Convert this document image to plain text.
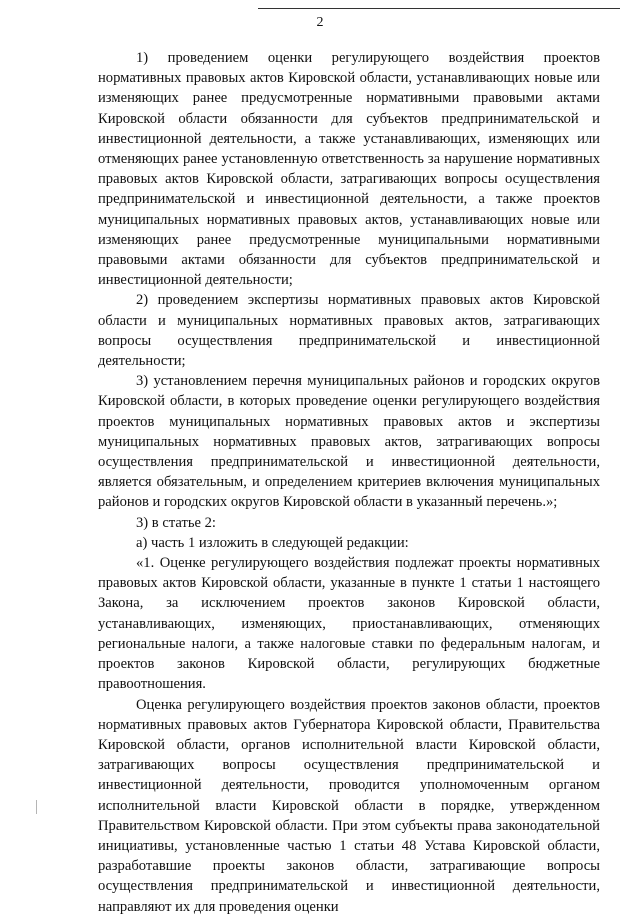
2

1) проведением оценки регулирующего воздействия проектов нормативных правовых актов Кировской области, устанавливающих новые или изменяющих ранее предусмотренные нормативными правовыми актами Кировской области обязанности для субъектов предпринимательской и инвестиционной деятельности, а также устанавливающих, изменяющих или отменяющих ранее установленную ответственность за нарушение нормативных правовых актов Кировской области, затрагивающих вопросы осуществления предпринимательской и инвестиционной деятельности, а также проектов муниципальных нормативных правовых актов, устанавливающих новые или изменяющих ранее предусмотренные муниципальными нормативными правовыми актами обязанности для субъектов предпринимательской и инвестиционной деятельности;

2) проведением экспертизы нормативных правовых актов Кировской области и муниципальных нормативных правовых актов, затрагивающих вопросы осуществления предпринимательской и инвестиционной деятельности;

3) установлением перечня муниципальных районов и городских округов Кировской области, в которых проведение оценки регулирующего воздействия проектов муниципальных нормативных правовых актов и экспертизы муниципальных нормативных правовых актов, затрагивающих вопросы осуществления предпринимательской и инвестиционной деятельности, является обязательным, и определением критериев включения муниципальных районов и городских округов Кировской области в указанный перечень.»;

3) в статье 2:

а) часть 1 изложить в следующей редакции:

«1. Оценке регулирующего воздействия подлежат проекты нормативных правовых актов Кировской области, указанные в пункте 1 статьи 1 настоящего Закона, за исключением проектов законов Кировской области, устанавливающих, изменяющих, приостанавливающих, отменяющих региональные налоги, а также налоговые ставки по федеральным налогам, и проектов законов Кировской области, регулирующих бюджетные правоотношения.

Оценка регулирующего воздействия проектов законов области, проектов нормативных правовых актов Губернатора Кировской области, Правительства Кировской области, органов исполнительной власти Кировской области, затрагивающих вопросы осуществления предпринимательской и инвестиционной деятельности, проводится уполномоченным органом исполнительной власти Кировской области в порядке, утвержденном Правительством Кировской области. При этом субъекты права законодательной инициативы, установленные частью 1 статьи 48 Устава Кировской области, разработавшие проекты законов области, затрагивающие вопросы осуществления предпринимательской и инвестиционной деятельности, направляют их для проведения оценки
